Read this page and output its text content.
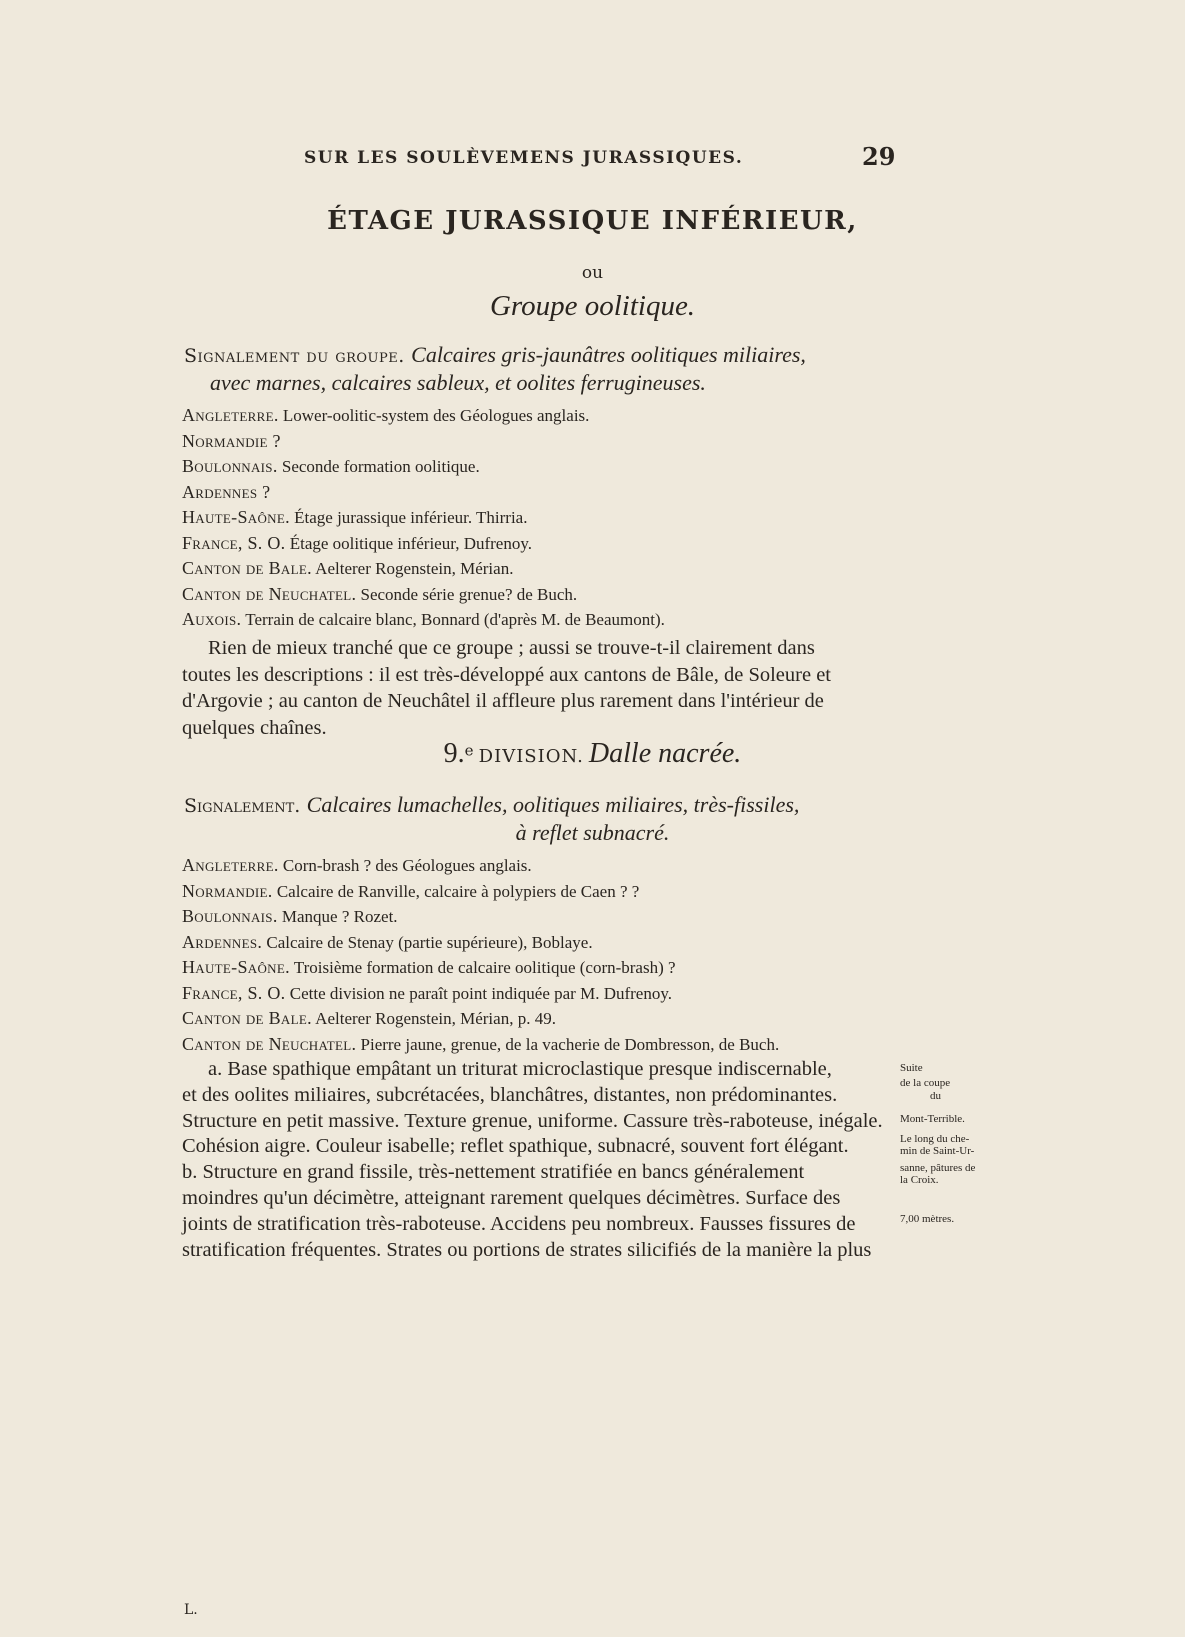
SUR LES SOULÈVEMENS JURASSIQUES.	29
ÉTAGE JURASSIQUE INFÉRIEUR,
ou
Groupe oolitique.
Signalement du groupe. Calcaires gris-jaunâtres oolitiques miliaires,
avec marnes, calcaires sableux, et oolites ferrugineuses.
Angleterre. Lower-oolitic-system des Géologues anglais.
Normandie ?
Boulonnais. Seconde formation oolitique.
Ardennes ?
Haute-Saône. Étage jurassique inférieur. Thirria.
France, S. O. Étage oolitique inférieur, Dufrenoy.
Canton de Bale. Aelterer Rogenstein, Mérian.
Canton de Neuchatel. Seconde série grenue? de Buch.
Auxois. Terrain de calcaire blanc, Bonnard (d'après M. de Beaumont).
Rien de mieux tranché que ce groupe ; aussi se trouve-t-il clairement dans
toutes les descriptions : il est très-développé aux cantons de Bâle, de Soleure et
d'Argovie ; au canton de Neuchâtel il affleure plus rarement dans l'intérieur de
quelques chaînes.
9.e DIVISION. Dalle nacrée.
Signalement. Calcaires lumachelles, oolitiques miliaires, très-fissiles,
à reflet subnacré.
Angleterre. Corn-brash ? des Géologues anglais.
Normandie. Calcaire de Ranville, calcaire à polypiers de Caen ? ?
Boulonnais. Manque ? Rozet.
Ardennes. Calcaire de Stenay (partie supérieure), Boblaye.
Haute-Saône. Troisième formation de calcaire oolitique (corn-brash) ?
France, S. O. Cette division ne paraît point indiquée par M. Dufrenoy.
Canton de Bale. Aelterer Rogenstein, Mérian, p. 49.
Canton de Neuchatel. Pierre jaune, grenue, de la vacherie de Dombresson, de Buch.
a. Base spathique empâtant un triturat microclastique presque indiscernable,
et des oolites miliaires, subcrétacées, blanchâtres, distantes, non prédominantes.
Structure en petit massive. Texture grenue, uniforme. Cassure très-raboteuse, inégale.
Cohésion aigre. Couleur isabelle; reflet spathique, subnacré, souvent fort élégant.
b. Structure en grand fissile, très-nettement stratifiée en bancs généralement
moindres qu'un décimètre, atteignant rarement quelques décimètres. Surface des
joints de stratification très-raboteuse. Accidens peu nombreux. Fausses fissures de
stratification fréquentes. Strates ou portions de strates silicifiés de la manière la plus
Suite
de la coupe
du
Mont-Terrible.
Le long du che-
min de Saint-Ur-
sanne, pâtures de
la Croix.
7,00 mètres.
L.
